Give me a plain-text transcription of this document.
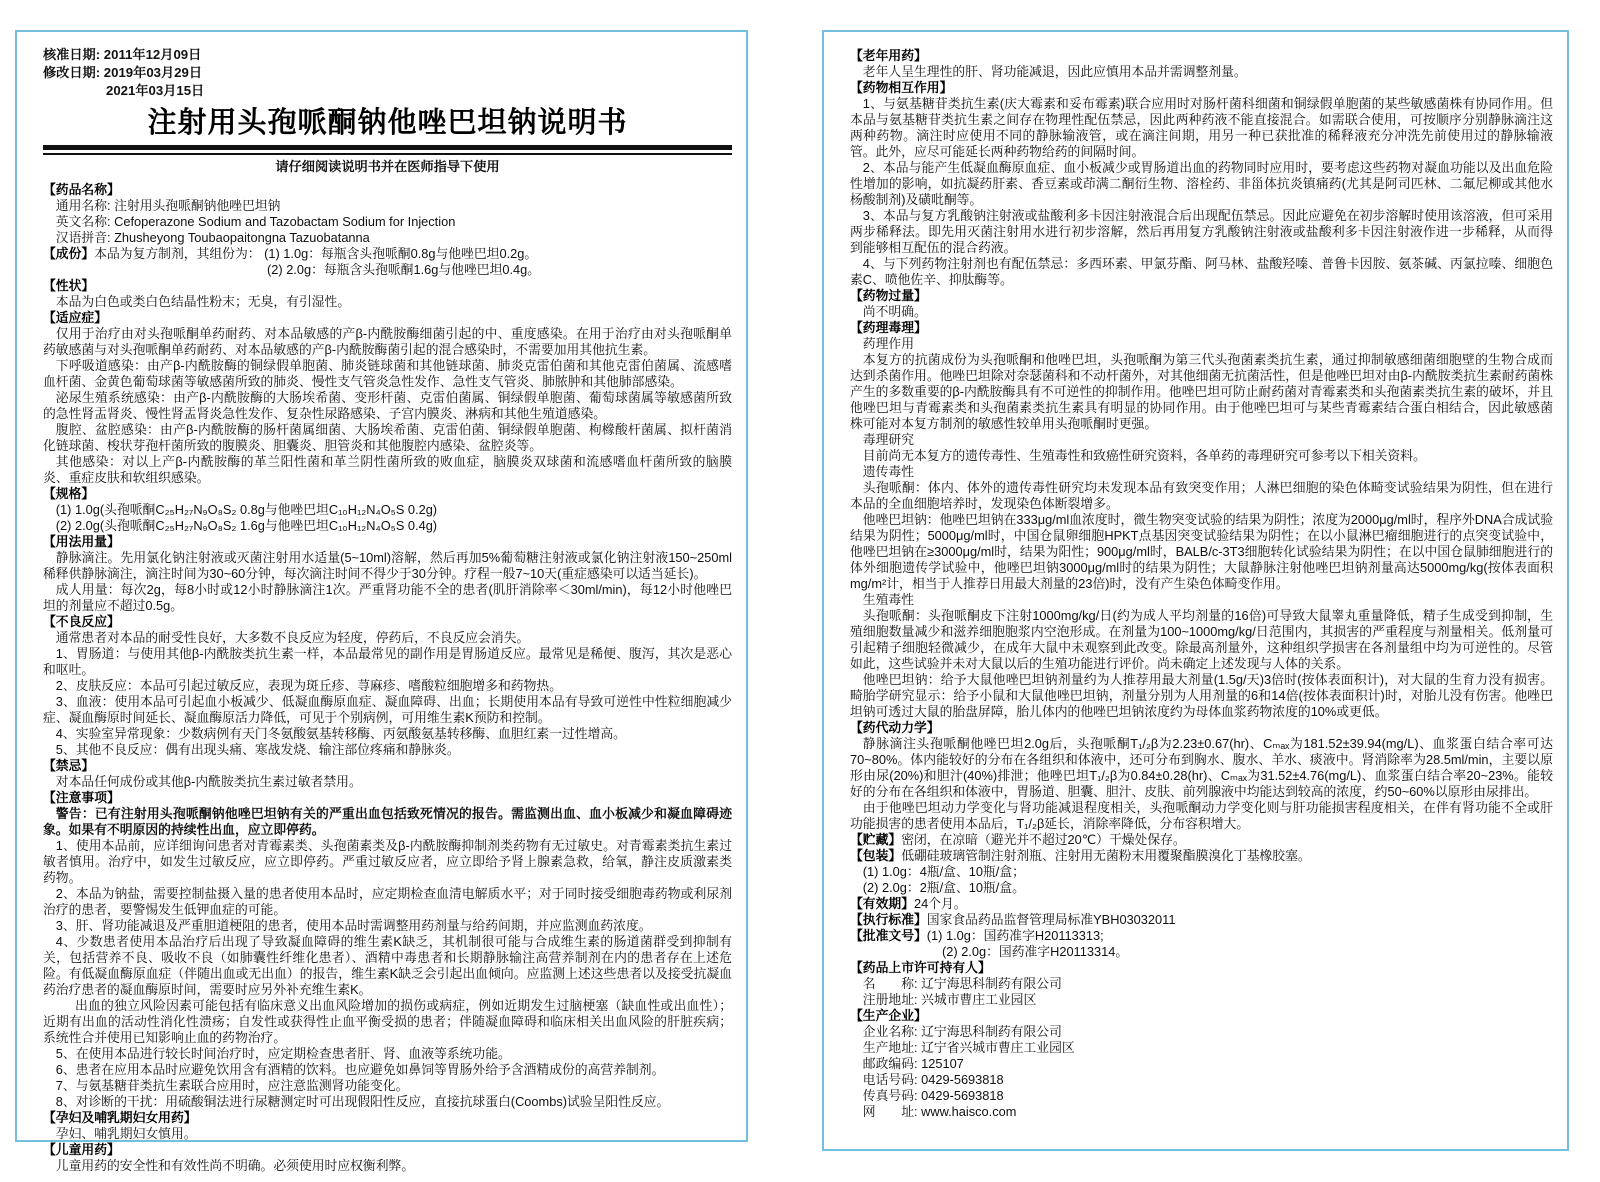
核准日期: 2011年12月09日
修改日期: 2019年03月29日
2021年03月15日
注射用头孢哌酮钠他唑巴坦钠说明书
请仔细阅读说明书并在医师指导下使用
【药品名称】
通用名称: 注射用头孢哌酮钠他唑巴坦钠
英文名称: Cefoperazone Sodium and Tazobactam Sodium for Injection
汉语拼音: Zhusheyong Toubaopaitongna Tazuobatanna
【成份】本品为复方制剂，其组份为： (1) 1.0g：每瓶含头孢哌酮0.8g与他唑巴坦0.2g。
(2) 2.0g：每瓶含头孢哌酮1.6g与他唑巴坦0.4g。
【性状】
本品为白色或类白色结晶性粉末；无臭，有引湿性。
【适应症】
仅用于治疗由对头孢哌酮单药耐药、对本品敏感的产β-内酰胺酶细菌引起的中、重度感染。在用于治疗由对头孢哌酮单药敏感菌与对头孢哌酮单药耐药、对本品敏感的产β-内酰胺酶菌引起的混合感染时，不需要加用其他抗生素。
下呼吸道感染：由产β-内酰胺酶的铜绿假单胞菌、肺炎链球菌和其他链球菌、肺炎克雷伯菌和其他克雷伯菌属、流感嗜血杆菌、金黄色葡萄球菌等敏感菌所致的肺炎、慢性支气管炎急性发作、急性支气管炎、肺脓肿和其他肺部感染。
泌尿生殖系统感染：由产β-内酰胺酶的大肠埃希菌、变形杆菌、克雷伯菌属、铜绿假单胞菌、葡萄球菌属等敏感菌所致的急性肾盂肾炎、慢性肾盂肾炎急性发作、复杂性尿路感染、子宫内膜炎、淋病和其他生殖道感染。
腹腔、盆腔感染：由产β-内酰胺酶的肠杆菌属细菌、大肠埃希菌、克雷伯菌、铜绿假单胞菌、枸橼酸杆菌属、拟杆菌消化链球菌、梭状芽孢杆菌所致的腹膜炎、胆囊炎、胆管炎和其他腹腔内感染、盆腔炎等。
其他感染：对以上产β-内酰胺酶的革兰阳性菌和革兰阴性菌所致的败血症，脑膜炎双球菌和流感嗜血杆菌所致的脑膜炎、重症皮肤和软组织感染。
【规格】
(1) 1.0g(头孢哌酮C₂₅H₂₇N₉O₈S₂ 0.8g与他唑巴坦C₁₀H₁₂N₄O₅S 0.2g)
(2) 2.0g(头孢哌酮C₂₅H₂₇N₉O₈S₂ 1.6g与他唑巴坦C₁₀H₁₂N₄O₅S 0.4g)
【用法用量】
静脉滴注。先用氯化钠注射液或灭菌注射用水适量(5~10ml)溶解，然后再加5%葡萄糖注射液或氯化钠注射液150~250ml稀释供静脉滴注，滴注时间为30~60分钟，每次滴注时间不得少于30分钟。疗程一般7~10天(重症感染可以适当延长)。
成人用量：每次2g，每8小时或12小时静脉滴注1次。严重肾功能不全的患者(肌肝消除率＜30ml/min)，每12小时他唑巴坦的剂量应不超过0.5g。
【不良反应】
通常患者对本品的耐受性良好，大多数不良反应为轻度，停药后，不良反应会消失。
1、胃肠道：与使用其他β-内酰胺类抗生素一样，本品最常见的副作用是胃肠道反应。最常见是稀便、腹泻，其次是恶心和呕吐。
2、皮肤反应：本品可引起过敏反应，表现为斑丘疹、荨麻疹、嗜酸粒细胞增多和药物热。
3、血液：使用本品可引起血小板减少、低凝血酶原血症、凝血障碍、出血；长期使用本品有导致可逆性中性粒细胞减少症、凝血酶原时间延长、凝血酶原活力降低，可见于个别病例，可用维生素K预防和控制。
4、实验室异常现象：少数病例有天门冬氨酸氨基转移酶、丙氨酸氨基转移酶、血胆红素一过性增高。
5、其他不良反应：偶有出现头痛、寒战发烧、输注部位疼痛和静脉炎。
【禁忌】
对本品任何成份或其他β-内酰胺类抗生素过敏者禁用。
【注意事项】
警告：已有注射用头孢哌酮钠他唑巴坦钠有关的严重出血包括致死情况的报告。需监测出血、血小板减少和凝血障碍迹象。如果有不明原因的持续性出血，应立即停药。
1、使用本品前，应详细询问患者对青霉素类、头孢菌素类及β-内酰胺酶抑制剂类药物有无过敏史。对青霉素类抗生素过敏者慎用。治疗中，如发生过敏反应，应立即停药。严重过敏反应者，应立即给予肾上腺素急救，给氧，静注皮质激素类药物。
2、本品为钠盐，需要控制盐摄入量的患者使用本品时，应定期检查血清电解质水平；对于同时接受细胞毒药物或利尿剂治疗的患者，要警惕发生低钾血症的可能。
3、肝、肾功能减退及严重胆道梗阻的患者，使用本品时需调整用药剂量与给药间期，并应监测血药浓度。
4、少数患者使用本品治疗后出现了导致凝血障碍的维生素K缺乏，其机制很可能与合成维生素的肠道菌群受到抑制有关，包括营养不良、吸收不良（如肺囊性纤维化患者）、酒精中毒患者和长期静脉输注高营养制剂在内的患者存在上述危险。有低凝血酶原血症（伴随出血或无出血）的报告，维生素K缺乏会引起出血倾向。应监测上述这些患者以及接受抗凝血药治疗患者的凝血酶原时间，需要时应另外补充维生素K。
出血的独立风险因素可能包括有临床意义出血风险增加的损伤或病症，例如近期发生过脑梗塞（缺血性或出血性）；近期有出血的活动性消化性溃疡；自发性或获得性止血平衡受损的患者；伴随凝血障碍和临床相关出血风险的肝脏疾病；系统性合并使用已知影响止血的药物治疗。
5、在使用本品进行较长时间治疗时，应定期检查患者肝、肾、血液等系统功能。
6、患者在应用本品时应避免饮用含有酒精的饮料。也应避免如鼻饲等胃肠外给予含酒精成份的高营养制剂。
7、与氨基糖苷类抗生素联合应用时，应注意监测肾功能变化。
8、对诊断的干扰：用硫酸铜法进行尿糖测定时可出现假阳性反应，直接抗球蛋白(Coombs)试验呈阳性反应。
【孕妇及哺乳期妇女用药】
孕妇、哺乳期妇女慎用。
【儿童用药】
儿童用药的安全性和有效性尚不明确。必须使用时应权衡利弊。
【老年用药】
老年人呈生理性的肝、肾功能减退，因此应慎用本品并需调整剂量。
【药物相互作用】
1、与氨基糖苷类抗生素(庆大霉素和妥布霉素)联合应用时对肠杆菌科细菌和铜绿假单胞菌的某些敏感菌株有协同作用。但本品与氨基糖苷类抗生素之间存在物理性配伍禁忌，因此两种药液不能直接混合。如需联合使用，可按顺序分别静脉滴注这两种药物。滴注时应使用不同的静脉输液管，或在滴注间期，用另一种已获批准的稀释液充分冲洗先前使用过的静脉输液管。此外，应尽可能延长两种药物给药的间隔时间。
2、本品与能产生低凝血酶原血症、血小板减少或胃肠道出血的药物同时应用时，要考虑这些药物对凝血功能以及出血危险性增加的影响，如抗凝药肝素、香豆素或茚满二酮衍生物、溶栓药、非甾体抗炎镇痛药(尤其是阿司匹林、二氟尼柳或其他水杨酸制剂)及磺吡酮等。
3、本品与复方乳酸钠注射液或盐酸利多卡因注射液混合后出现配伍禁忌。因此应避免在初步溶解时使用该溶液，但可采用两步稀释法。即先用灭菌注射用水进行初步溶解，然后再用复方乳酸钠注射液或盐酸利多卡因注射液作进一步稀释，从而得到能够相互配伍的混合药液。
4、与下列药物注射剂也有配伍禁忌：多西环素、甲氯芬酯、阿马林、盐酸羟嗪、普鲁卡因胺、氨茶碱、丙氯拉嗪、细胞色素C、喷他佐辛、抑肽酶等。
【药物过量】
尚不明确。
【药理毒理】
药理作用
本复方的抗菌成份为头孢哌酮和他唑巴坦，头孢哌酮为第三代头孢菌素类抗生素，通过抑制敏感细菌细胞壁的生物合成而达到杀菌作用。他唑巴坦除对奈瑟菌科和不动杆菌外，对其他细菌无抗菌活性，但是他唑巴坦对由β-内酰胺类抗生素耐药菌株产生的多数重要的β-内酰胺酶具有不可逆性的抑制作用。他唑巴坦可防止耐药菌对青霉素类和头孢菌素类抗生素的破坏，并且他唑巴坦与青霉素类和头孢菌素类抗生素具有明显的协同作用。由于他唑巴坦可与某些青霉素结合蛋白相结合，因此敏感菌株可能对本复方制剂的敏感性较单用头孢哌酮时更强。
毒理研究
目前尚无本复方的遗传毒性、生殖毒性和致癌性研究资料，各单药的毒理研究可参考以下相关资料。
遗传毒性
头孢哌酮：体内、体外的遗传毒性研究均未发现本品有致突变作用；人淋巴细胞的染色体畸变试验结果为阴性，但在进行本品的全血细胞培养时，发现染色体断裂增多。
他唑巴坦钠：他唑巴坦钠在333μg/ml血浓度时，微生物突变试验的结果为阴性；浓度为2000μg/ml时，程序外DNA合成试验结果为阴性；5000μg/ml时，中国仓鼠卵细胞HPKT点基因突变试验结果为阴性；在以小鼠淋巴瘤细胞进行的点突变试验中，他唑巴坦钠在≥3000μg/ml时，结果为阳性；900μg/ml时，BALB/c-3T3细胞转化试验结果为阴性；在以中国仓鼠肺细胞进行的体外细胞遗传学试验中，他唑巴坦钠3000μg/ml时的结果为阴性；大鼠静脉注射他唑巴坦钠剂量高达5000mg/kg(按体表面积mg/m²计，相当于人推荐日用最大剂量的23倍)时，没有产生染色体畸变作用。
生殖毒性
头孢哌酮：头孢哌酮皮下注射1000mg/kg/日(约为成人平均剂量的16倍)可导致大鼠睾丸重量降低，精子生成受到抑制，生殖细胞数量减少和滋养细胞胞浆内空泡形成。在剂量为100~1000mg/kg/日范围内，其损害的严重程度与剂量相关。低剂量可引起精子细胞轻微减少，在成年大鼠中未观察到此改变。除最高剂量外，这种组织学损害在各剂量组中均为可逆性的。尽管如此，这些试验并未对大鼠以后的生殖功能进行评价。尚未确定上述发现与人体的关系。
他唑巴坦钠：给予大鼠他唑巴坦钠剂量约为人推荐用最大剂量(1.5g/天)3倍时(按体表面积计)，对大鼠的生育力没有损害。畸胎学研究显示：给予小鼠和大鼠他唑巴坦钠，剂量分别为人用剂量的6和14倍(按体表面积计)时，对胎儿没有伤害。他唑巴坦钠可透过大鼠的胎盘屏障，胎儿体内的他唑巴坦钠浓度约为母体血浆药物浓度的10%或更低。
【药代动力学】
静脉滴注头孢哌酮他唑巴坦2.0g后，头孢哌酮T₁/₂β为2.23±0.67(hr)、Cₘₐₓ为181.52±39.94(mg/L)、血浆蛋白结合率可达70~80%。体内能较好的分布在各组织和体液中，还可分布到胸水、腹水、羊水、痰液中。肾消除率为28.5ml/min，主要以原形由尿(20%)和胆汁(40%)排泄；他唑巴坦T₁/₂β为0.84±0.28(hr)、Cₘₐₓ为31.52±4.76(mg/L)、血浆蛋白结合率20~23%。能较好的分布在各组织和体液中，胃肠道、胆囊、胆汁、皮肤、前列腺液中均能达到较高的浓度，约50~60%以原形由尿排出。
由于他唑巴坦动力学变化与肾功能减退程度相关，头孢哌酮动力学变化则与肝功能损害程度相关，在伴有肾功能不全或肝功能损害的患者使用本品后，T₁/₂β延长，消除率降低，分布容积增大。
【贮藏】密闭，在凉暗（避光并不超过20℃）干燥处保存。
【包装】低硼硅玻璃管制注射剂瓶、注射用无菌粉末用覆聚酯膜溴化丁基橡胶塞。
(1) 1.0g：4瓶/盒、10瓶/盒；
(2) 2.0g：2瓶/盒、10瓶/盒。
【有效期】24个月。
【执行标准】国家食品药品监督管理局标准YBH03032011
【批准文号】(1) 1.0g：国药准字H20113313;
(2) 2.0g：国药准字H20113314。
【药品上市许可持有人】
名　　称: 辽宁海思科制药有限公司
注册地址: 兴城市曹庄工业园区
【生产企业】
企业名称: 辽宁海思科制药有限公司
生产地址: 辽宁省兴城市曹庄工业园区
邮政编码: 125107
电话号码: 0429-5693818
传真号码: 0429-5693818
网　　址: www.haisco.com
